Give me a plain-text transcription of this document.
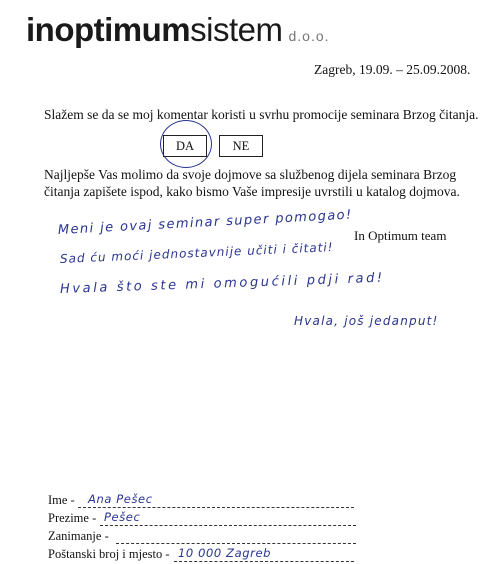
inoptimumsistem d.o.o.
Zagreb, 19.09. – 25.09.2008.
Slažem se da se moj komentar koristi u svrhu promocije seminara Brzog čitanja.
DA	NE
Najljepše Vas molimo da svoje dojmove sa službenog dijela seminara Brzog čitanja zapišete ispod, kako bismo Vaše impresije uvrstili u katalog dojmova.
In Optimum team
Meni je ovaj seminar super pomogao!
Sad ću moći jednostavnije učiti i čitati!
Hvala što ste mi omogućili pdji rad!
Hvala, još jedanput!
Ime - Ana Pešec
Prezime - Pešec
Zanimanje -
Poštanski broj i mjesto - 10 000 Zagreb
